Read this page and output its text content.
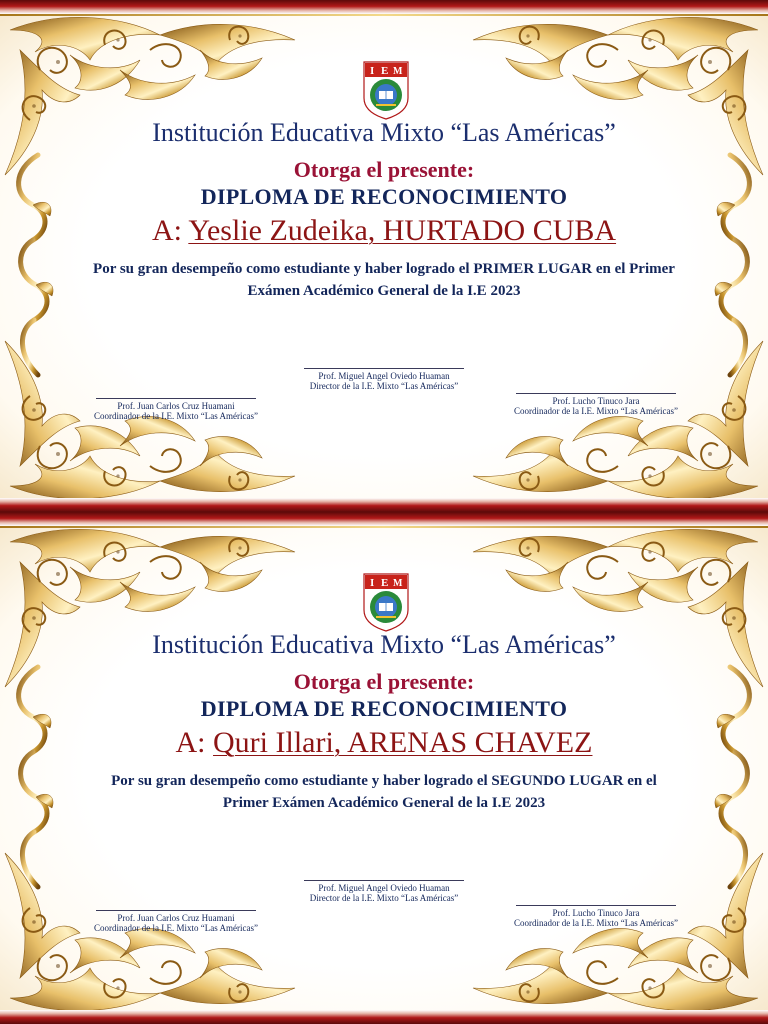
Institución Educativa Mixto “Las Américas”
Otorga el presente:
DIPLOMA DE RECONOCIMIENTO
A: Yeslie Zudeika, HURTADO CUBA
Por su gran desempeño como estudiante y haber logrado el PRIMER LUGAR en el Primer Exámen Académico General de la I.E 2023
Prof. Miguel Angel Oviedo Huaman
Director de la I.E. Mixto “Las Américas”
Prof. Juan Carlos Cruz Huamani
Coordinador de la I.E. Mixto “Las Américas”
Prof. Lucho Tinuco Jara
Coordinador de la I.E. Mixto “Las Américas”
Institución Educativa Mixto “Las Américas”
Otorga el presente:
DIPLOMA DE RECONOCIMIENTO
A: Quri Illari, ARENAS CHAVEZ
Por su gran desempeño como estudiante y haber logrado el SEGUNDO LUGAR en el Primer Exámen Académico General de la I.E 2023
Prof. Miguel Angel Oviedo Huaman
Director de la I.E. Mixto “Las Américas”
Prof. Juan Carlos Cruz Huamani
Coordinador de la I.E. Mixto “Las Américas”
Prof. Lucho Tinuco Jara
Coordinador de la I.E. Mixto “Las Américas”
